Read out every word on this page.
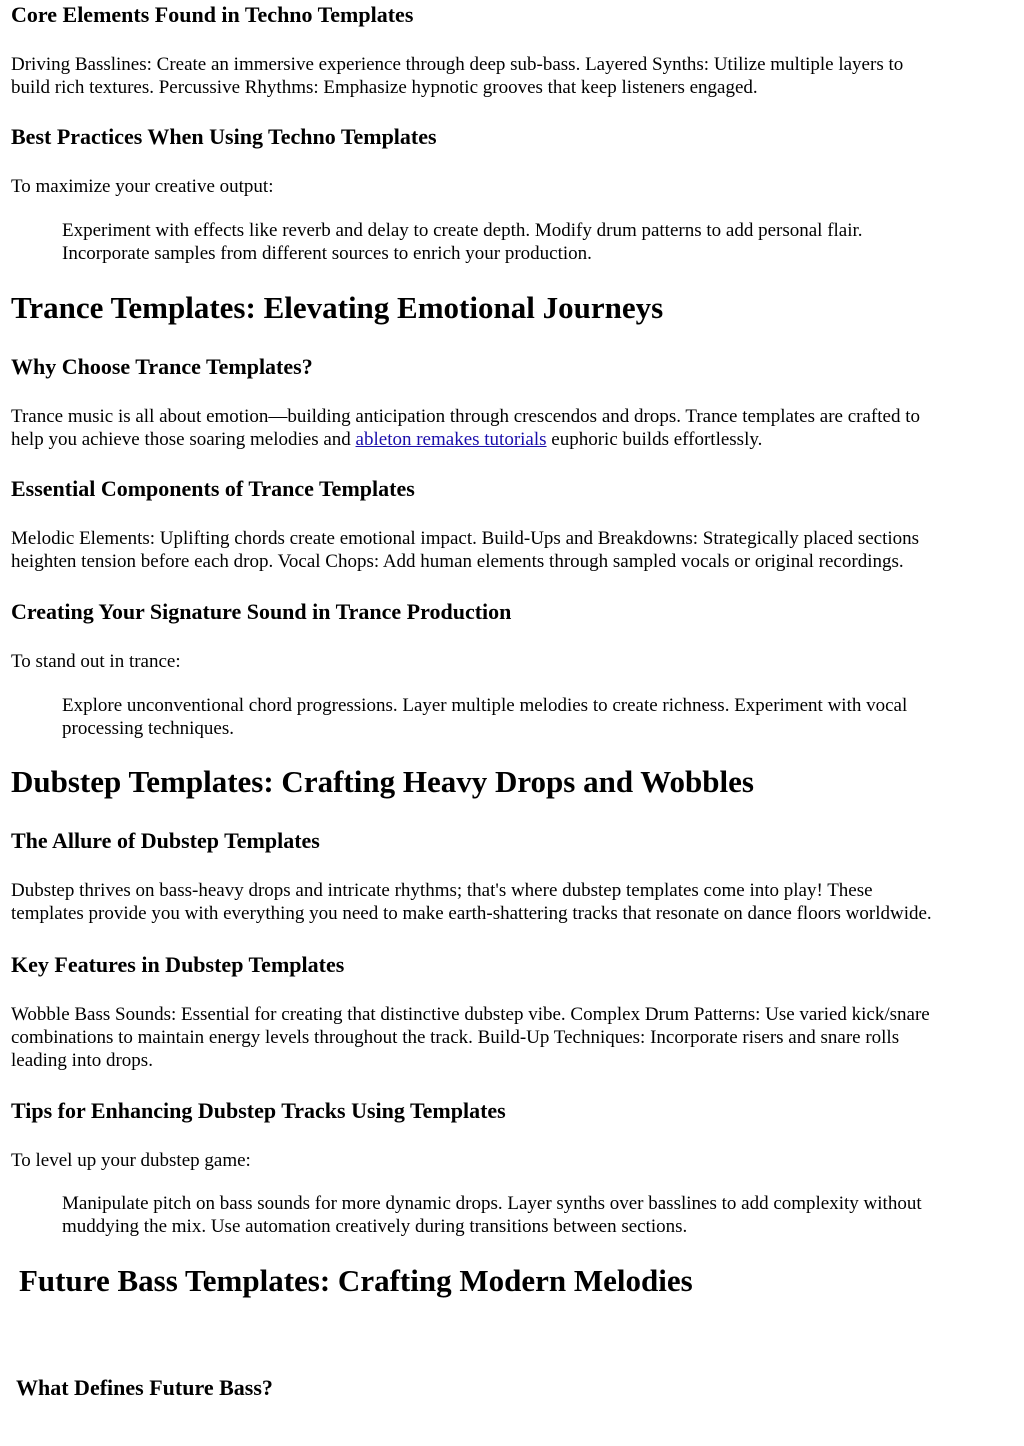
Core Elements Found in Techno Templates

Driving Basslines: Create an immersive experience through deep sub-bass. Layered Synths: Utilize multiple layers to
build rich textures. Percussive Rhythms: Emphasize hypnotic grooves that keep listeners engaged.

Best Practices When Using Techno Templates

To maximize your creative output:

Experiment with effects like reverb and delay to create depth. Modify drum patterns to add personal flair.
Incorporate samples from different sources to enrich your production.
Trance Templates: Elevating Emotional Journeys
Why Choose Trance Templates?

Trance music is all about emotion—building anticipation through crescendos and drops. Trance templates are crafted to
help you achieve those soaring melodies and ableton remakes tutorials euphoric builds effortlessly.

Essential Components of Trance Templates

Melodic Elements: Uplifting chords create emotional impact. Build-Ups and Breakdowns: Strategically placed sections
heighten tension before each drop. Vocal Chops: Add human elements through sampled vocals or original recordings.

Creating Your Signature Sound in Trance Production

To stand out in trance:

Explore unconventional chord progressions. Layer multiple melodies to create richness. Experiment with vocal
processing techniques.
Dubstep Templates: Crafting Heavy Drops and Wobbles
The Allure of Dubstep Templates

Dubstep thrives on bass-heavy drops and intricate rhythms; that's where dubstep templates come into play! These
templates provide you with everything you need to make earth-shattering tracks that resonate on dance floors worldwide.

Key Features in Dubstep Templates

Wobble Bass Sounds: Essential for creating that distinctive dubstep vibe. Complex Drum Patterns: Use varied kick/snare
combinations to maintain energy levels throughout the track. Build-Up Techniques: Incorporate risers and snare rolls
leading into drops.

Tips for Enhancing Dubstep Tracks Using Templates

To level up your dubstep game:

Manipulate pitch on bass sounds for more dynamic drops. Layer synths over basslines to add complexity without
muddying the mix. Use automation creatively during transitions between sections.
Future Bass Templates: Crafting Modern Melodies
What Defines Future Bass?
